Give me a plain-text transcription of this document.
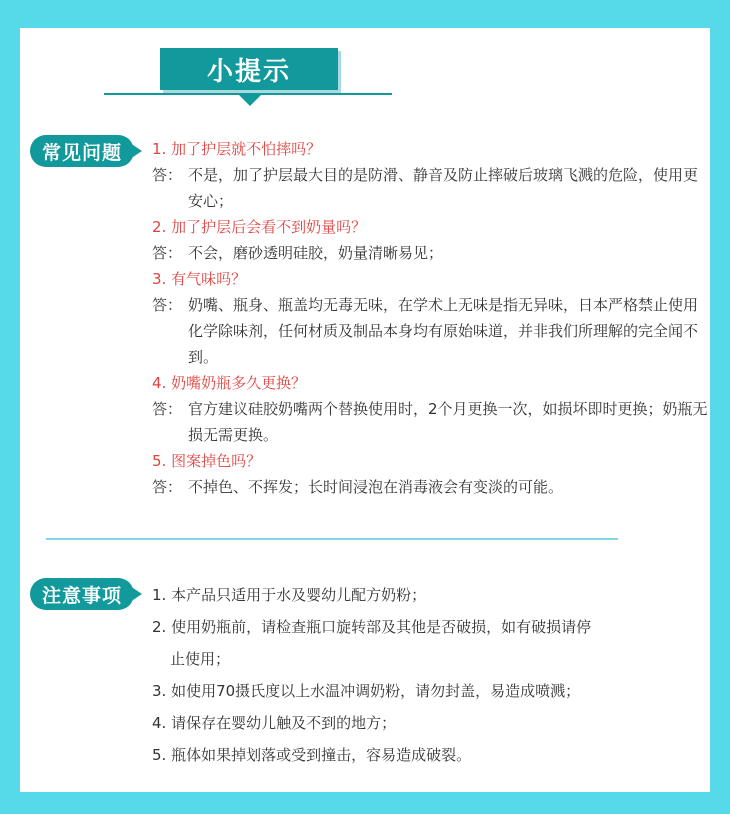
小提示
常见问题	1. 加了护层就不怕摔吗？
答： 不是，加了护层最大目的是防滑、静音及防止摔破后玻璃飞溅的危险，使用更安心；
2. 加了护层后会看不到奶量吗？
答： 不会，磨砂透明硅胶，奶量清晰易见；
3. 有气味吗？
答： 奶嘴、瓶身、瓶盖均无毒无味，在学术上无味是指无异味，日本严格禁止使用化学除味剂，任何材质及制品本身均有原始味道，并非我们所理解的完全闻不到。
4. 奶嘴奶瓶多久更换？
答： 官方建议硅胶奶嘴两个替换使用时，2个月更换一次，如损坏即时更换；奶瓶无损无需更换。
5. 图案掉色吗？
答： 不掉色、不挥发；长时间浸泡在消毒液会有变淡的可能。
注意事项	1. 本产品只适用于水及婴幼儿配方奶粉；
2. 使用奶瓶前，请检查瓶口旋转部及其他是否破损，如有破损请停
止使用；
3. 如使用70摄氏度以上水温冲调奶粉，请勿封盖，易造成喷溅；
4. 请保存在婴幼儿触及不到的地方；
5. 瓶体如果掉划落或受到撞击，容易造成破裂。
